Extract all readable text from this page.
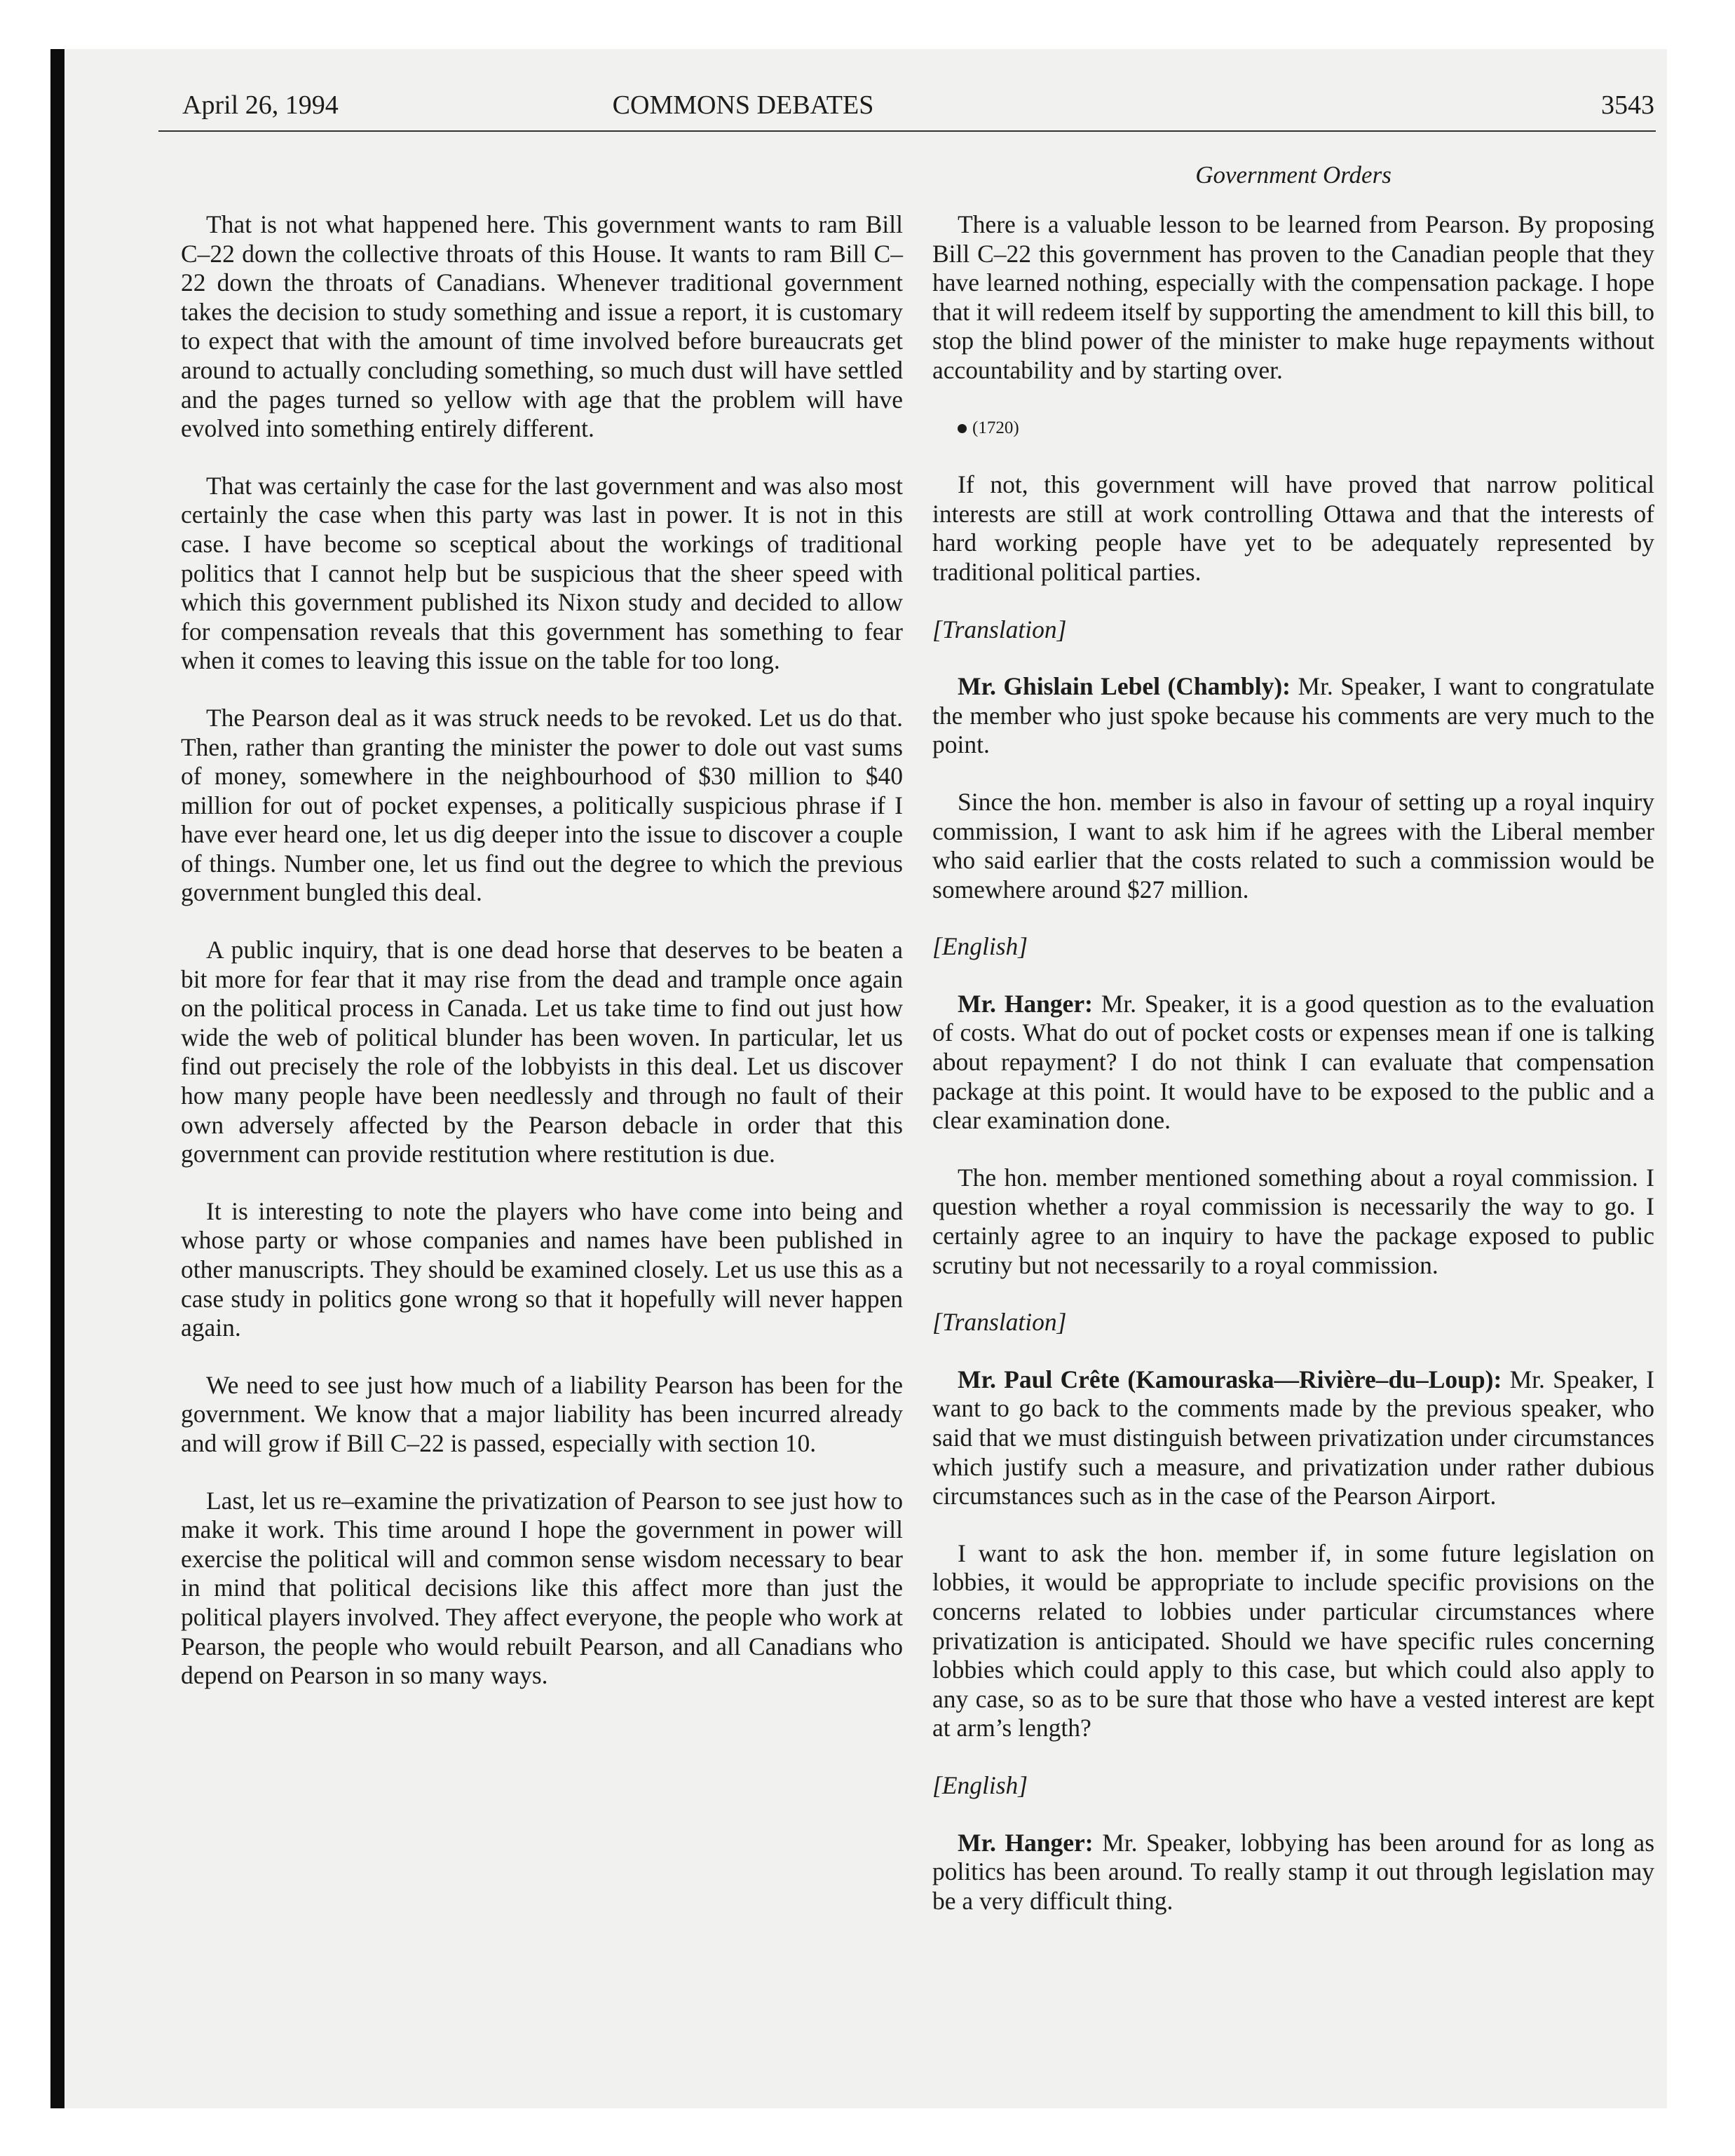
April 26, 1994	COMMONS DEBATES	3543
Government Orders

That is not what happened here. This government wants to ram Bill C–22 down the collective throats of this House. It wants to ram Bill C–22 down the throats of Canadians. Whenever traditional government takes the decision to study something and issue a report, it is customary to expect that with the amount of time involved before bureaucrats get around to actually concluding something, so much dust will have settled and the pages turned so yellow with age that the problem will have evolved into something entirely different.

That was certainly the case for the last government and was also most certainly the case when this party was last in power. It is not in this case. I have become so sceptical about the workings of traditional politics that I cannot help but be suspicious that the sheer speed with which this government published its Nixon study and decided to allow for compensation reveals that this government has something to fear when it comes to leaving this issue on the table for too long.

The Pearson deal as it was struck needs to be revoked. Let us do that. Then, rather than granting the minister the power to dole out vast sums of money, somewhere in the neighbourhood of $30 million to $40 million for out of pocket expenses, a politically suspicious phrase if I have ever heard one, let us dig deeper into the issue to discover a couple of things. Number one, let us find out the degree to which the previous government bungled this deal.

A public inquiry, that is one dead horse that deserves to be beaten a bit more for fear that it may rise from the dead and trample once again on the political process in Canada. Let us take time to find out just how wide the web of political blunder has been woven. In particular, let us find out precisely the role of the lobbyists in this deal. Let us discover how many people have been needlessly and through no fault of their own adversely affected by the Pearson debacle in order that this government can provide restitution where restitution is due.

It is interesting to note the players who have come into being and whose party or whose companies and names have been published in other manuscripts. They should be examined closely. Let us use this as a case study in politics gone wrong so that it hopefully will never happen again.

We need to see just how much of a liability Pearson has been for the government. We know that a major liability has been incurred already and will grow if Bill C–22 is passed, especially with section 10.

Last, let us re–examine the privatization of Pearson to see just how to make it work. This time around I hope the government in power will exercise the political will and common sense wisdom necessary to bear in mind that political decisions like this affect more than just the political players involved. They affect everyone, the people who work at Pearson, the people who would rebuilt Pearson, and all Canadians who depend on Pearson in so many ways.

There is a valuable lesson to be learned from Pearson. By proposing Bill C–22 this government has proven to the Canadian people that they have learned nothing, especially with the compensation package. I hope that it will redeem itself by supporting the amendment to kill this bill, to stop the blind power of the minister to make huge repayments without accountability and by starting over.

(1720)

If not, this government will have proved that narrow political interests are still at work controlling Ottawa and that the interests of hard working people have yet to be adequately represented by traditional political parties.

[Translation]

Mr. Ghislain Lebel (Chambly): Mr. Speaker, I want to congratulate the member who just spoke because his comments are very much to the point.

Since the hon. member is also in favour of setting up a royal inquiry commission, I want to ask him if he agrees with the Liberal member who said earlier that the costs related to such a commission would be somewhere around $27 million.

[English]

Mr. Hanger: Mr. Speaker, it is a good question as to the evaluation of costs. What do out of pocket costs or expenses mean if one is talking about repayment? I do not think I can evaluate that compensation package at this point. It would have to be exposed to the public and a clear examination done.

The hon. member mentioned something about a royal commission. I question whether a royal commission is necessarily the way to go. I certainly agree to an inquiry to have the package exposed to public scrutiny but not necessarily to a royal commission.

[Translation]

Mr. Paul Crête (Kamouraska—Rivière–du–Loup): Mr. Speaker, I want to go back to the comments made by the previous speaker, who said that we must distinguish between privatization under circumstances which justify such a measure, and privatization under rather dubious circumstances such as in the case of the Pearson Airport.

I want to ask the hon. member if, in some future legislation on lobbies, it would be appropriate to include specific provisions on the concerns related to lobbies under particular circumstances where privatization is anticipated. Should we have specific rules concerning lobbies which could apply to this case, but which could also apply to any case, so as to be sure that those who have a vested interest are kept at arm’s length?

[English]

Mr. Hanger: Mr. Speaker, lobbying has been around for as long as politics has been around. To really stamp it out through legislation may be a very difficult thing.
